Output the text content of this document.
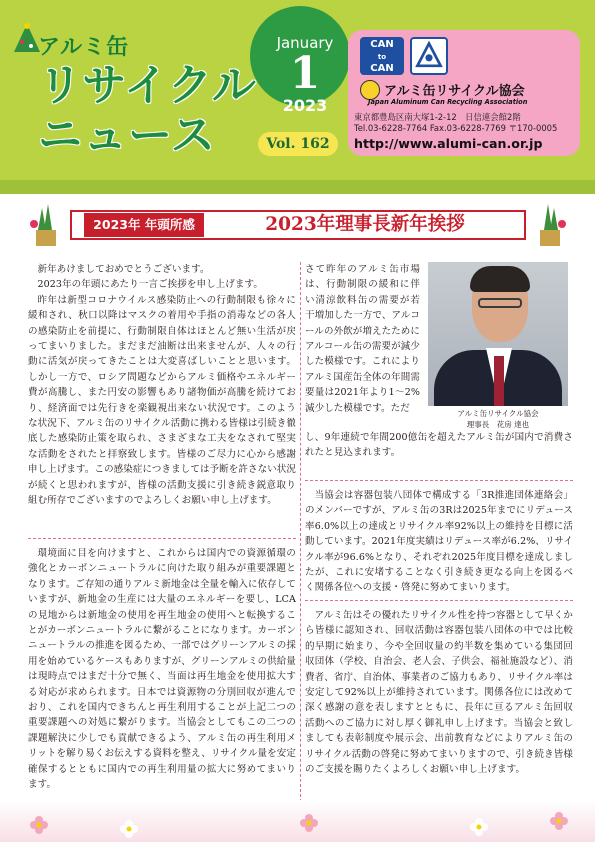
アルミ缶
リサイクル
ニュース
January
1
2023
Vol. 162
CAN
to
CAN
アルミ缶リサイクル協会
Japan Aluminum Can Recycling Association
東京都豊島区南大塚1-2-12　日信連会館2階
Tel.03-6228-7764 Fax.03-6228-7769 〒170-0005
http://www.alumi-can.or.jp
2023年 年頭所感	2023年理事長新年挨拶

新年あけましておめでとうございます。

2023年の年頭にあたり一言ご挨拶を申し上げます。

昨年は新型コロナウイルス感染防止への行動制限も徐々に緩和され、秋口以降はマスクの着用や手指の消毒などの各人の感染防止を前提に、行動制限自体はほとんど無い生活が戻ってまいりました。まだまだ油断は出来ませんが、人々の行動に活気が戻ってきたことは大変喜ばしいことと思います。しかし一方で、ロシア問題などからアルミ価格やエネルギー費が高騰し、また円安の影響もあり諸物価が高騰を続けており、経済面では先行きを楽観視出来ない状況です。このような状況下、アルミ缶のリサイクル活動に携わる皆様は引続き徹底した感染防止策を取られ、さまざまな工夫をなされて堅実な活動をされたと拝察致します。皆様のご尽力に心から感謝申し上げます。この感染症につきましては予断を許さない状況が続くと思われますが、皆様の活動支援に引き続き鋭意取り組む所存でございますのでよろしくお願い申し上げます。

環境面に目を向けますと、これからは国内での資源循環の強化とカーボンニュートラルに向けた取り組みが重要課題となります。ご存知の通りアルミ新地金は全量を輸入に依存していますが、新地金の生産には大量のエネルギーを要し、LCAの見地からは新地金の使用を再生地金の使用へと転換することがカーボンニュートラルに繋がることになります。カーボンニュートラルの推進を図るため、一部ではグリーンアルミの採用を始めているケースもありますが、グリーンアルミの供給量は現時点ではまだ十分で無く、当面は再生地金を使用拡大する対応が求められます。日本では資源物の分別回収が進んでおり、これを国内できちんと再生利用することが上記二つの重要課題への対処に繋がります。当協会としてもこの二つの課題解決に少しでも貢献できるよう、アルミ缶の再生利用メリットを解り易くお伝えする資料を整え、リサイクル量を安定確保するとともに国内での再生利用量の拡大に努めてまいります。

さて昨年のアルミ缶市場は、行動制限の緩和に伴い清涼飲料缶の需要が若干増加した一方で、アルコールの外飲が増えたためにアルコール缶の需要が減少した模様です。これによりアルミ国産缶全体の年間需要量は2021年より1～2%減少した模様です。ただ	アルミ缶リサイクル協会
理事長　花房 達也
し、9年連続で年間200億缶を超えたアルミ缶が国内で消費されたと見込まれます。

当協会は容器包装八団体で構成する「3R推進団体連絡会」のメンバーですが、アルミ缶の3Rは2025年までにリデュース率6.0%以上の達成とリサイクル率92%以上の維持を目標に活動しています。2021年度実績はリデュース率が6.2%、リサイクル率が96.6%となり、それぞれ2025年度目標を達成しましたが、これに安堵することなく引き続き更なる向上を図るべく関係各位への支援・啓発に努めてまいります。

アルミ缶はその優れたリサイクル性を持つ容器として早くから皆様に認知され、回収活動は容器包装八団体の中では比較的早期に始まり、今や全回収量の約半数を集めている集団回収団体（学校、自治会、老人会、子供会、福祉施設など）、消費者、省庁、自治体、事業者のご協力もあり、リサイクル率は安定して92%以上が維持されています。関係各位には改めて深く感謝の意を表しますとともに、長年に亘るアルミ缶回収活動へのご協力に対し厚く御礼申し上げます。当協会と致しましても表彰制度や展示会、出前教育などによりアルミ缶のリサイクル活動の啓発に努めてまいりますので、引き続き皆様のご支援を賜りたくよろしくお願い申し上げます。
